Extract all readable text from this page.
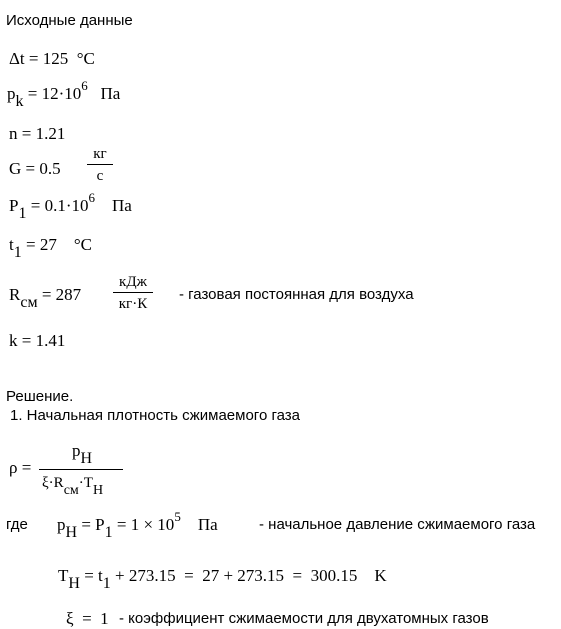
Исходные данные
Δt = 125 °C
pk = $12\cdot 10^6$ Па
n = 1.21
G = 0.5
кг
с
$P1 = 0.1\cdot 10^6$ Па
t1 = 27 °C
Rсм = 287
кДж
кг·К
- газовая постоянная для воздуха
k = 1.41
Решение.
1. Начальная плотность сжимаемого газа
ρ =
pН
ξ·Rсм·TН
где pН = $P1 = 1 \times 10^5$ Па	- начальное давление сжимаемого газа
TН = t1 + 273.15  =  27 + 273.15  =  300.15 K
ξ  =  1 - коэффициент сжимаемости для двухатомных газов
